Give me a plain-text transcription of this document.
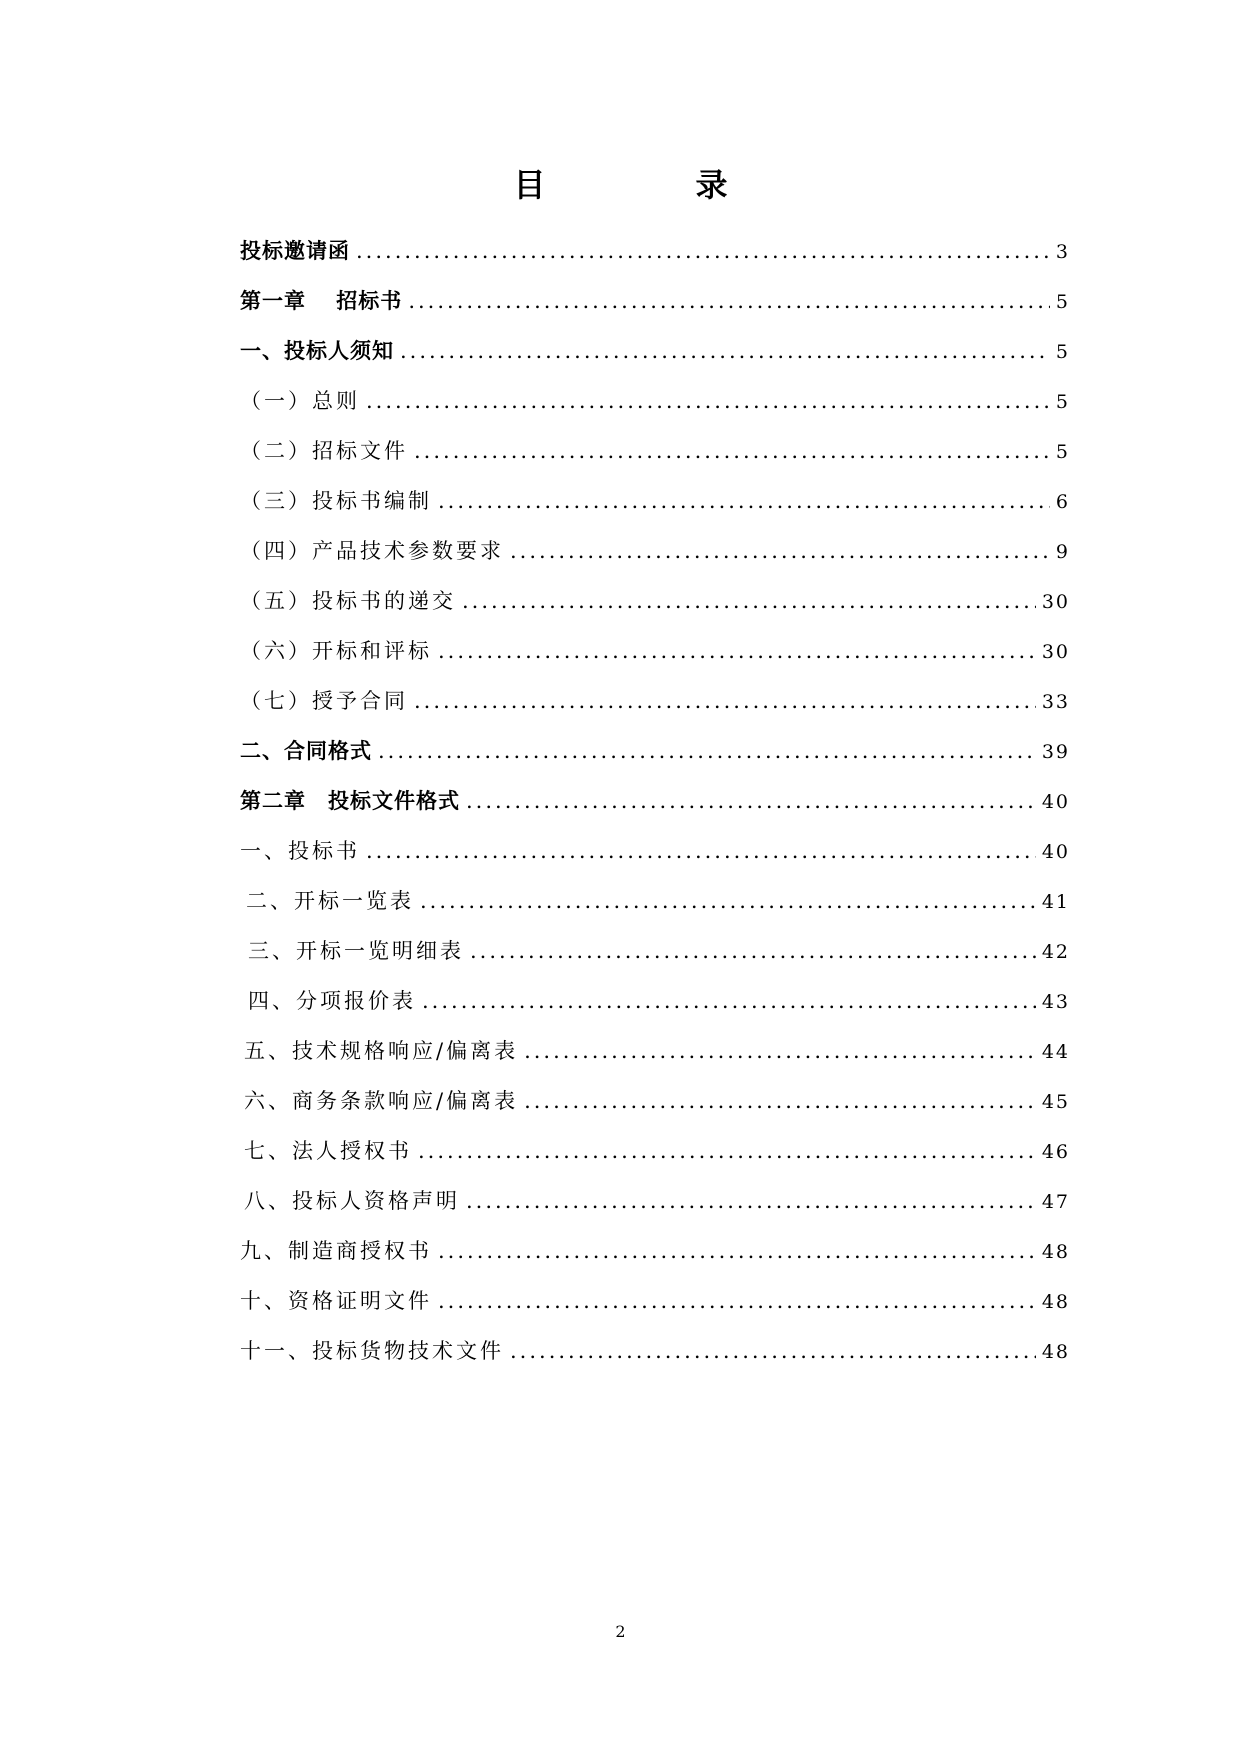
目	录
投标邀请函 .....	3
第一章　 招标书 .....	5
一、投标人须知 .....	5
（一）总则 .....	5
（二）招标文件 .....	5
（三）投标书编制 .....	6
（四）产品技术参数要求 .....	9
（五）投标书的递交 .....	30
（六）开标和评标 .....	30
（七）授予合同 .....	33
二、合同格式 .....	39
第二章　投标文件格式 .....	40
一、投标书 .....	40
二、开标一览表 .....	41
三、开标一览明细表 .....	42
四、分项报价表 .....	43
五、技术规格响应/偏离表 .....	44
六、商务条款响应/偏离表 .....	45
七、法人授权书 .....	46
八、投标人资格声明 .....	47
九、制造商授权书 .....	48
十、资格证明文件 .....	48
十一、投标货物技术文件 .....	48
2
